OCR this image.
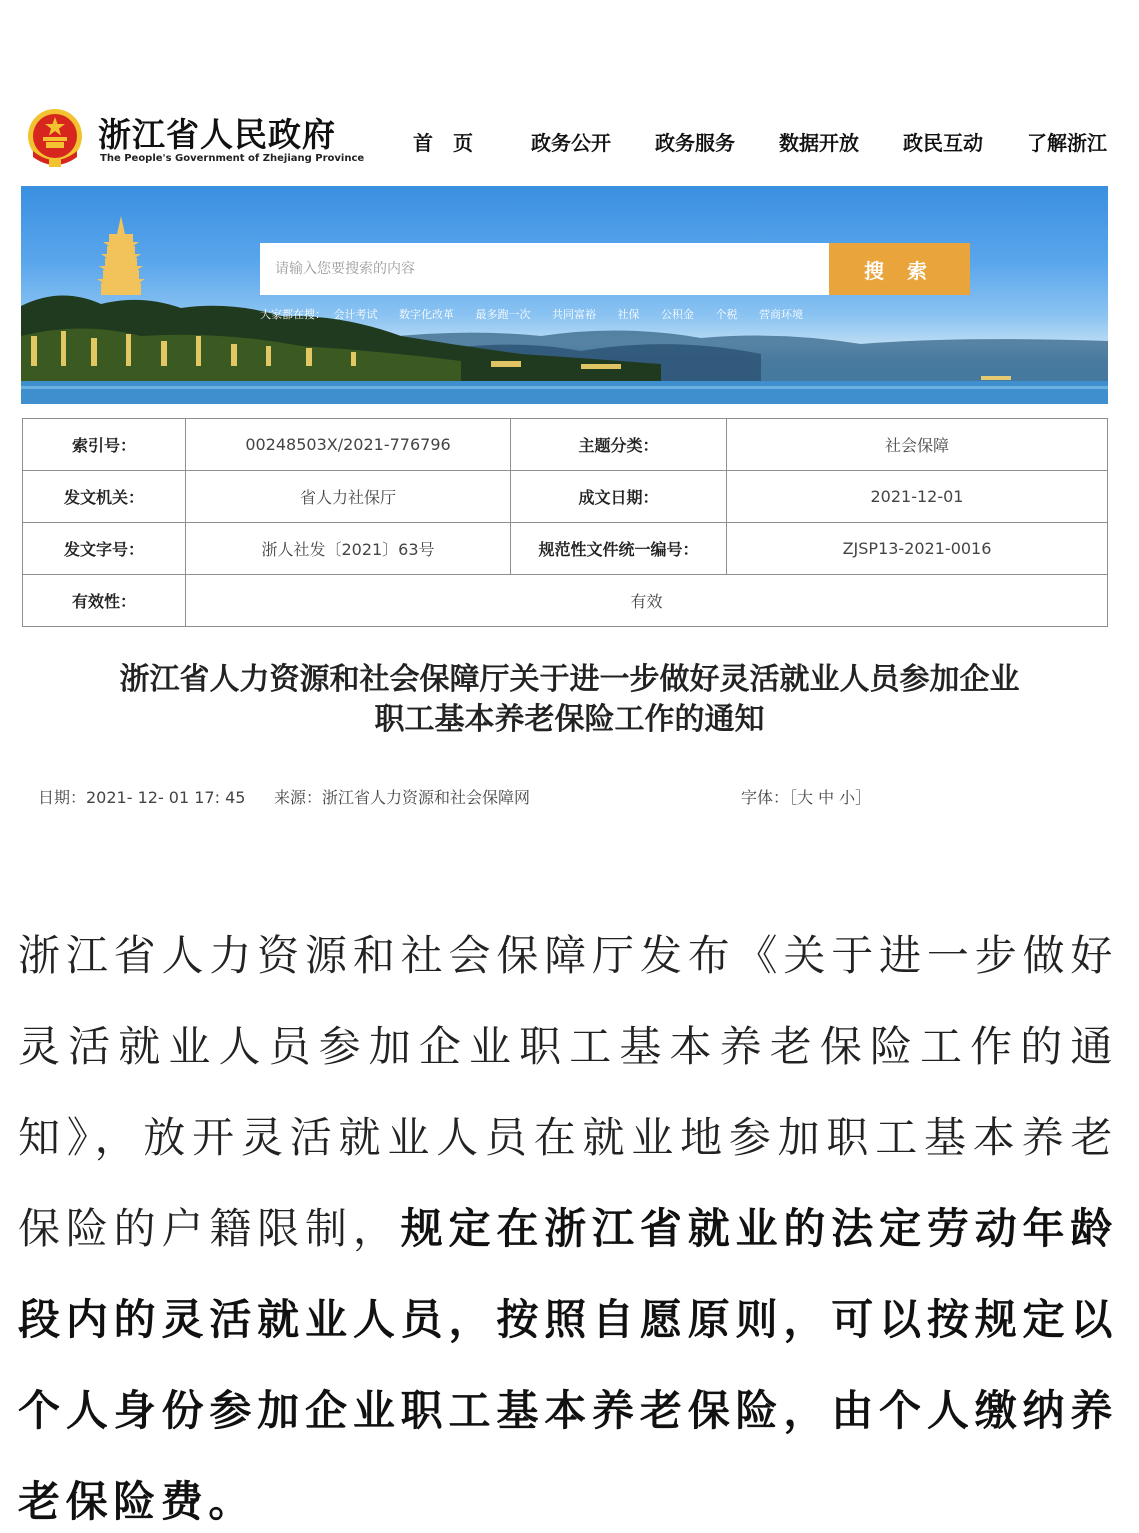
浙江省人民政府
The People's Government of Zhejiang Province
首　页	政务公开 政务服务 数据开放 政民互动 了解浙江
请输入您要搜索的内容
搜 索
大家都在搜： 会计考试 数字化改革 最多跑一次 共同富裕 社保 公积金 个税 营商环境
索引号：	00248503X/2021-776796	主题分类：	社会保障
发文机关：	省人力社保厅	成文日期：	2021-12-01
发文字号：	浙人社发〔2021〕63号	规范性文件统一编号：	ZJSP13-2021-0016
有效性：	有效		
浙江省人力资源和社会保障厅关于进一步做好灵活就业人员参加企业
职工基本养老保险工作的通知
日期：2021- 12- 01 17: 45 来源：浙江省人力资源和社会保障网	字体：［大 中 小］
浙江省人力资源和社会保障厅发布《关于进一步做好灵活就业人员参加企业职工基本养老保险工作的通知》，放开灵活就业人员在就业地参加职工基本养老保险的户籍限制，规定在浙江省就业的法定劳动年龄段内的灵活就业人员，按照自愿原则，可以按规定以个人身份参加企业职工基本养老保险，由个人缴纳养老保险费。
